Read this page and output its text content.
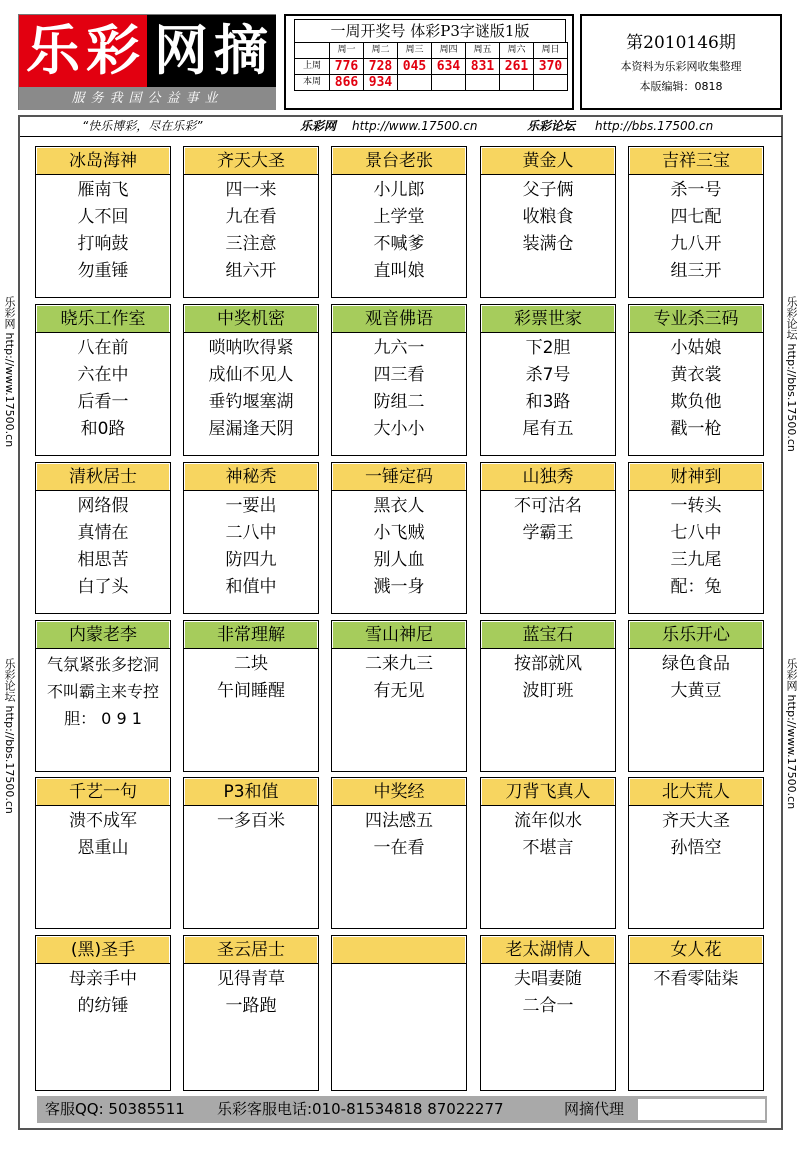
乐 彩 网 摘
服务我国公益事业
一周开奖号 体彩P3字谜版1版
	周一	周二	周三	周四	周五	周六	周日
上周	776	728	045	634	831	261	370
本周	866	934					
第2010146期
本资料为乐彩网收集整理
本版编辑：0818
“快乐博彩，尽在乐彩”	乐彩网 http://www.17500.cn	乐彩论坛 http://bbs.17500.cn
乐彩网 http://www.17500.cn
乐彩论坛 http://bbs.17500.cn
乐彩论坛 http://bbs.17500.cn
乐彩网 http://www.17500.cn
冰岛海神
雁南飞
人不回
打响鼓
勿重锤
齐天大圣
四一来
九在看
三注意
组六开
景台老张
小儿郎
上学堂
不喊爹
直叫娘
黄金人
父子俩
收粮食
装满仓
吉祥三宝
杀一号
四七配
九八开
组三开
晓乐工作室
八在前
六在中
后看一
和0路
中奖机密
唢呐吹得紧
成仙不见人
垂钓堰塞湖
屋漏逢天阴
观音佛语
九六一
四三看
防组二
大小小
彩票世家
下2胆
杀7号
和3路
尾有五
专业杀三码
小姑娘
黄衣裳
欺负他
戳一枪
清秋居士
网络假
真情在
相思苦
白了头
神秘秃
一要出
二八中
防四九
和值中
一锤定码
黑衣人
小飞贼
别人血
溅一身
山独秀
不可沽名
学霸王
财神到
一转头
七八中
三九尾
配：兔
内蒙老李
气氛紧张多挖洞
不叫霸主来专控
胆： 0 9 1
非常理解
二块
午间睡醒
雪山神尼
二来九三
有无见
蓝宝石
按部就风
波盯班
乐乐开心
绿色食品
大黄豆
千艺一句
溃不成军
恩重山
P3和值
一多百米
中奖经
四法感五
一在看
刀背飞真人
流年似水
不堪言
北大荒人
齐天大圣
孙悟空
(黑)圣手
母亲手中
的纺锤
圣云居士
见得青草
一路跑
老太湖情人
夫唱妻随
二合一
女人花
不看零陆柒
客服QQ: 50385511 乐彩客服电话:010-81534818 87022277	网摘代理
